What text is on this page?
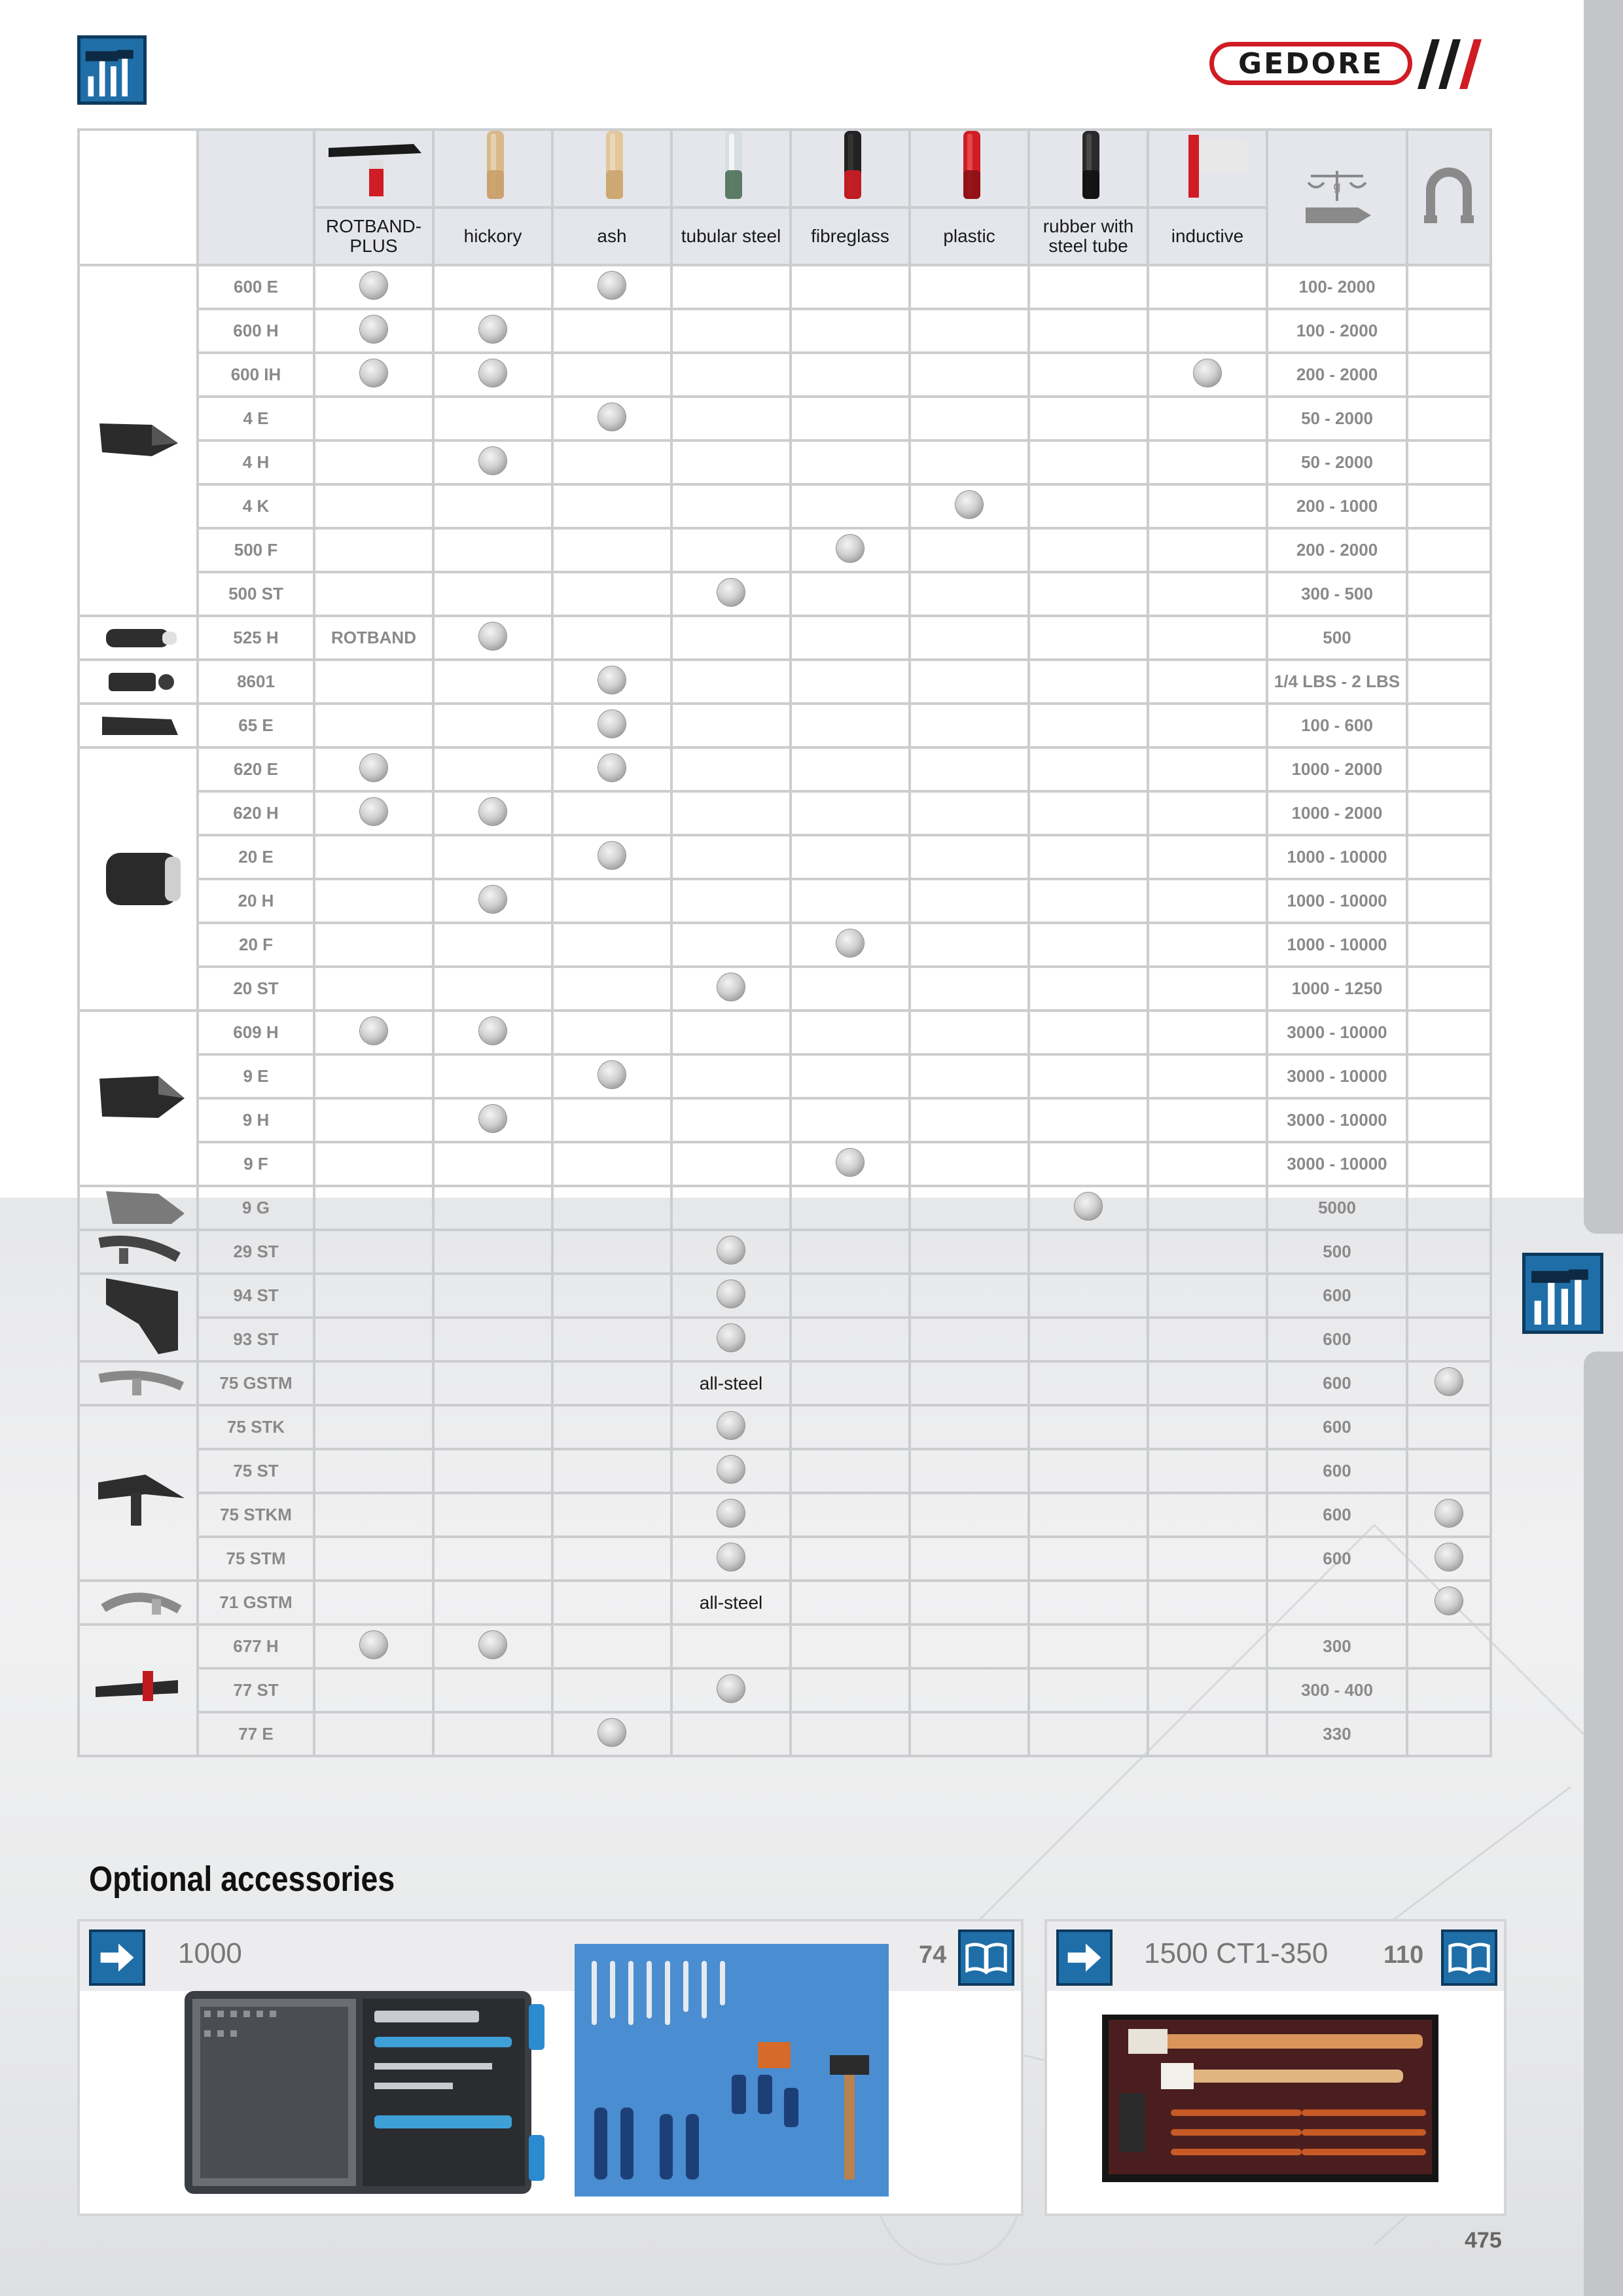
GEDORE

g

		ROTBAND-PLUS	hickory	ash	tubular steel	fibreglass	plastic	rubber with steel tube	inductive		

	600 E									100- 2000	
	600 H									100 - 2000	
	600 IH									200 - 2000	
	4 E									50 - 2000	
	4 H									50 - 2000	
	4 K									200 - 1000	
	500 F									200 - 2000	
	500 ST									300 - 500	

	525 H	ROTBAND								500	

	8601									1/4 LBS - 2 LBS	

	65 E									100 - 600	

	620 E									1000 - 2000	
	620 H									1000 - 2000	
	20 E									1000 - 10000	
	20 H									1000 - 10000	
	20 F									1000 - 10000	
	20 ST									1000 - 1250	

	609 H									3000 - 10000	
	9 E									3000 - 10000	
	9 H									3000 - 10000	
	9 F									3000 - 10000	

	9 G									5000	

	29 ST									500	

	94 ST									600	
	93 ST									600	

	75 GSTM				all-steel					600	

	75 STK									600	
	75 ST									600	
	75 STKM									600	
	75 STM									600	

	71 GSTM				all-steel						

	677 H									300	
	77 ST									300 - 400	
	77 E									330	
Optional accessories
1000	74	1500 CT1-350 110
475
